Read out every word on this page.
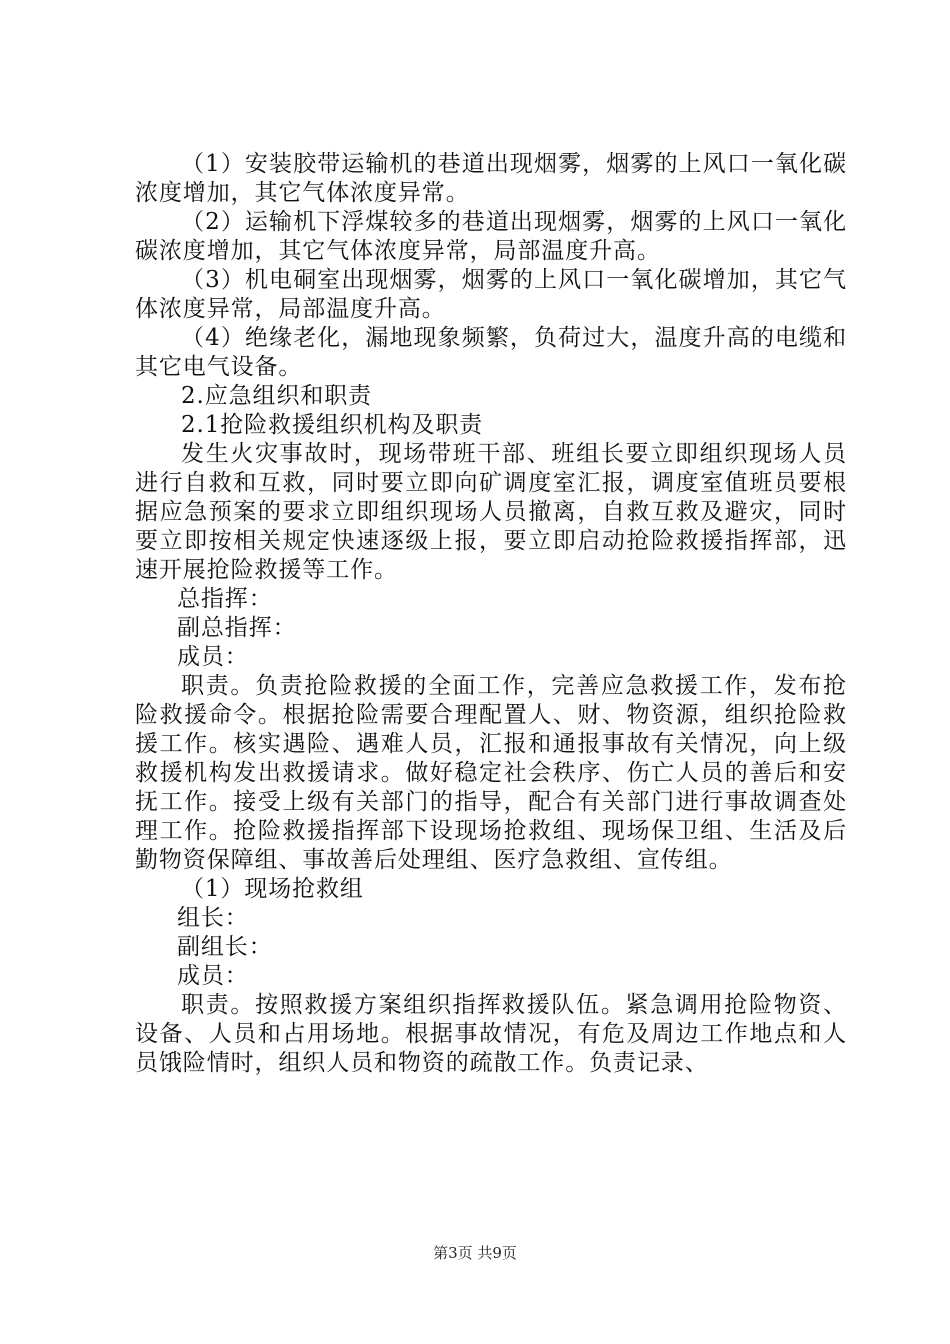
（1）安装胶带运输机的巷道出现烟雾，烟雾的上风口一氧化碳浓度增加，其它气体浓度异常。

（2）运输机下浮煤较多的巷道出现烟雾，烟雾的上风口一氧化碳浓度增加，其它气体浓度异常，局部温度升高。

（3）机电硐室出现烟雾，烟雾的上风口一氧化碳增加，其它气体浓度异常，局部温度升高。

（4）绝缘老化，漏地现象频繁，负荷过大，温度升高的电缆和其它电气设备。

2.应急组织和职责

2.1抢险救援组织机构及职责

发生火灾事故时，现场带班干部、班组长要立即组织现场人员进行自救和互救，同时要立即向矿调度室汇报，调度室值班员要根据应急预案的要求立即组织现场人员撤离，自救互救及避灾，同时要立即按相关规定快速逐级上报，要立即启动抢险救援指挥部，迅速开展抢险救援等工作。

总指挥：

副总指挥：

成员：

职责。负责抢险救援的全面工作，完善应急救援工作，发布抢险救援命令。根据抢险需要合理配置人、财、物资源，组织抢险救援工作。核实遇险、遇难人员，汇报和通报事故有关情况，向上级救援机构发出救援请求。做好稳定社会秩序、伤亡人员的善后和安抚工作。接受上级有关部门的指导，配合有关部门进行事故调查处理工作。抢险救援指挥部下设现场抢救组、现场保卫组、生活及后勤物资保障组、事故善后处理组、医疗急救组、宣传组。

（1）现场抢救组

组长：

副组长：

成员：

职责。按照救援方案组织指挥救援队伍。紧急调用抢险物资、设备、人员和占用场地。根据事故情况，有危及周边工作地点和人员饿险情时，组织人员和物资的疏散工作。负责记录、

第3页 共9页
